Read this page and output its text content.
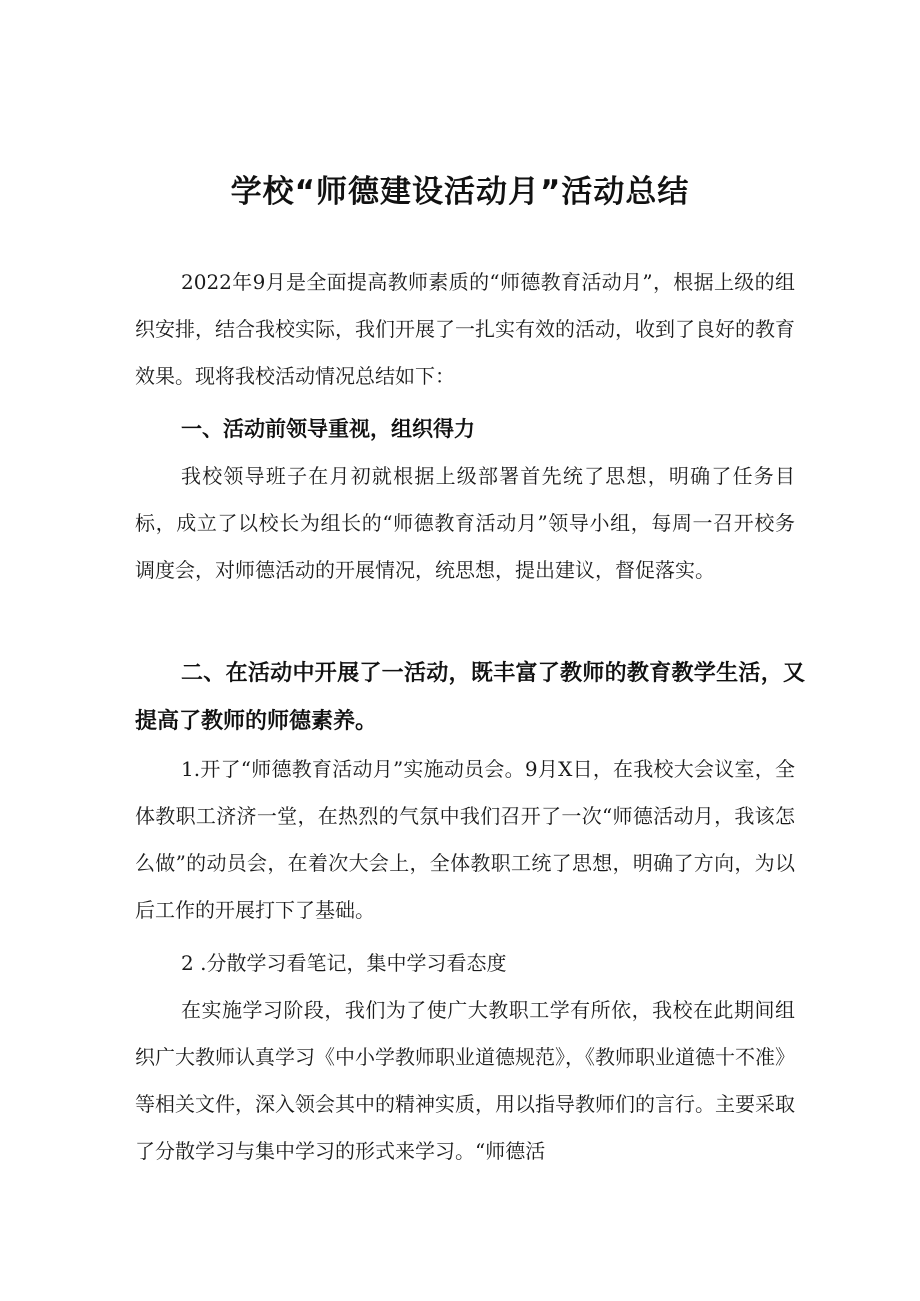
学校“师德建设活动月”活动总结

2022年9月是全面提高教师素质的“师德教育活动月”，根据上级的组织安排，结合我校实际，我们开展了一扎实有效的活动，收到了良好的教育效果。现将我校活动情况总结如下：

一、活动前领导重视，组织得力

我校领导班子在月初就根据上级部署首先统了思想，明确了任务目标，成立了以校长为组长的“师德教育活动月”领导小组，每周一召开校务调度会，对师德活动的开展情况，统思想，提出建议，督促落实。

二、在活动中开展了一活动，既丰富了教师的教育教学生活，又提高了教师的师德素养。

1.开了“师德教育活动月”实施动员会。9月X日，在我校大会议室，全体教职工济济一堂，在热烈的气氛中我们召开了一次“师德活动月，我该怎么做”的动员会，在着次大会上，全体教职工统了思想，明确了方向，为以后工作的开展打下了基础。

2 .分散学习看笔记，集中学习看态度

在实施学习阶段，我们为了使广大教职工学有所依，我校在此期间组织广大教师认真学习《中小学教师职业道德规范》，《教师职业道德十不准》等相关文件，深入领会其中的精神实质，用以指导教师们的言行。主要采取了分散学习与集中学习的形式来学习。“师德活
